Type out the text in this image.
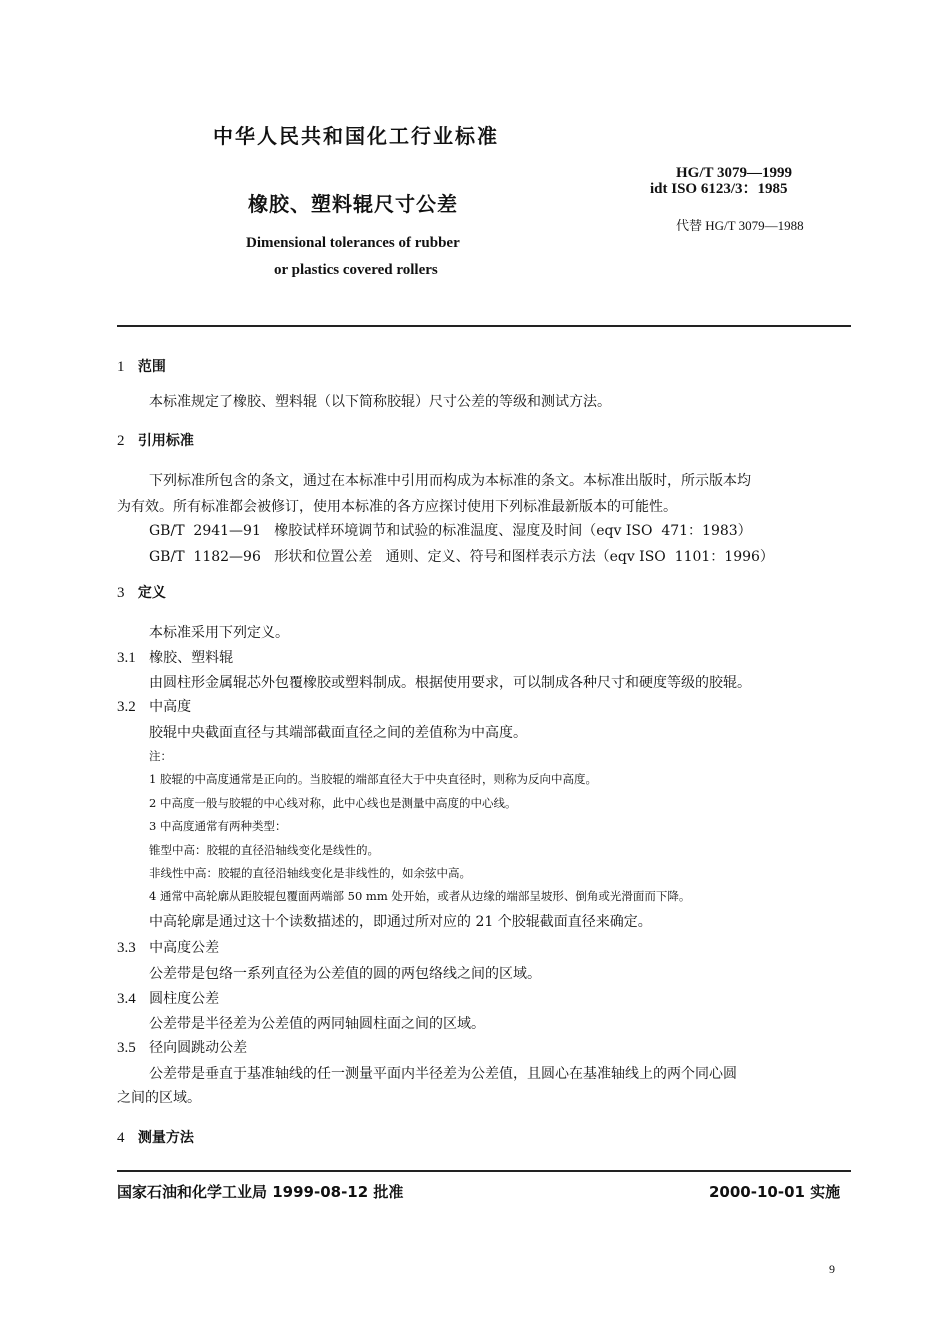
中华人民共和国化工行业标准
HG/T 3079—1999
idt ISO 6123/3：1985
代替 HG/T 3079—1988
橡胶、塑料辊尺寸公差
Dimensional tolerances of rubber
or plastics covered rollers
1 范围
本标准规定了橡胶、塑料辊（以下简称胶辊）尺寸公差的等级和测试方法。
2 引用标准
下列标准所包含的条文，通过在本标准中引用而构成为本标准的条文。本标准出版时，所示版本均
为有效。所有标准都会被修订，使用本标准的各方应探讨使用下列标准最新版本的可能性。
GB/T  2941—91   橡胶试样环境调节和试验的标准温度、湿度及时间（eqv ISO  471：1983）
GB/T  1182—96   形状和位置公差   通则、定义、符号和图样表示方法（eqv ISO  1101：1996）
3 定义
本标准采用下列定义。
3.1 橡胶、塑料辊
由圆柱形金属辊芯外包覆橡胶或塑料制成。根据使用要求，可以制成各种尺寸和硬度等级的胶辊。
3.2 中高度
胶辊中央截面直径与其端部截面直径之间的差值称为中高度。
注：
1 胶辊的中高度通常是正向的。当胶辊的端部直径大于中央直径时，则称为反向中高度。
2 中高度一般与胶辊的中心线对称，此中心线也是测量中高度的中心线。
3 中高度通常有两种类型：
锥型中高：胶辊的直径沿轴线变化是线性的。
非线性中高：胶辊的直径沿轴线变化是非线性的，如余弦中高。
4 通常中高轮廓从距胶辊包覆面两端部 50 mm 处开始，或者从边缘的端部呈坡形、倒角或光滑面而下降。
中高轮廓是通过这十个读数描述的，即通过所对应的 21 个胶辊截面直径来确定。
3.3 中高度公差
公差带是包络一系列直径为公差值的圆的两包络线之间的区域。
3.4 圆柱度公差
公差带是半径差为公差值的两同轴圆柱面之间的区域。
3.5 径向圆跳动公差
公差带是垂直于基准轴线的任一测量平面内半径差为公差值，且圆心在基准轴线上的两个同心圆
之间的区域。
4 测量方法
国家石油和化学工业局 1999-08-12 批准	2000-10-01 实施
9
